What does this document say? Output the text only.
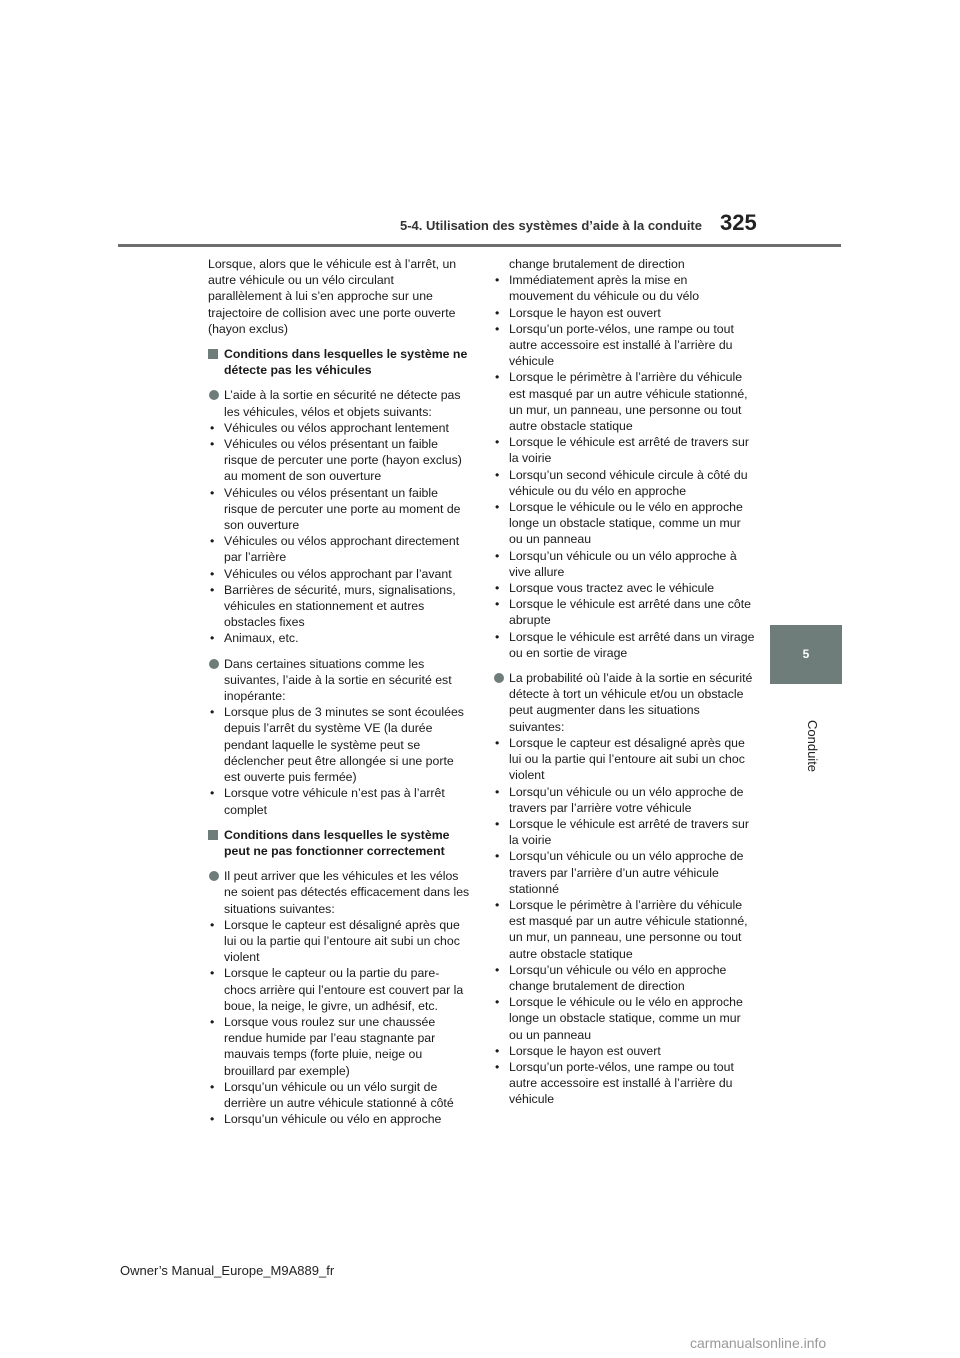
5-4. Utilisation des systèmes d’aide à la conduite 325
5
Conduite

Lorsque, alors que le véhicule est à l’arrêt, un autre véhicule ou un vélo circulant parallèlement à lui s’en approche sur une trajectoire de collision avec une porte ouverte (hayon exclus)

Conditions dans lesquelles le système ne détecte pas les véhicules
L’aide à la sortie en sécurité ne détecte pas les véhicules, vélos et objets suivants:
• Véhicules ou vélos approchant lentement
• Véhicules ou vélos présentant un faible risque de percuter une porte (hayon exclus) au moment de son ouverture
• Véhicules ou vélos présentant un faible risque de percuter une porte au moment de son ouverture
• Véhicules ou vélos approchant directement par l’arrière
• Véhicules ou vélos approchant par l’avant
• Barrières de sécurité, murs, signalisations, véhicules en stationnement et autres obstacles fixes
• Animaux, etc.
Dans certaines situations comme les suivantes, l’aide à la sortie en sécurité est inopérante:
• Lorsque plus de 3 minutes se sont écoulées depuis l’arrêt du système VE (la durée pendant laquelle le système peut se déclencher peut être allongée si une porte est ouverte puis fermée)
• Lorsque votre véhicule n’est pas à l’arrêt complet
Conditions dans lesquelles le système peut ne pas fonctionner correctement
Il peut arriver que les véhicules et les vélos ne soient pas détectés efficacement dans les situations suivantes:
• Lorsque le capteur est désaligné après que lui ou la partie qui l’entoure ait subi un choc violent
• Lorsque le capteur ou la partie du pare-chocs arrière qui l’entoure est couvert par la boue, la neige, le givre, un adhésif, etc.
• Lorsque vous roulez sur une chaussée rendue humide par l’eau stagnante par mauvais temps (forte pluie, neige ou brouillard par exemple)
• Lorsqu’un véhicule ou un vélo surgit de derrière un autre véhicule stationné à côté
• Lorsqu’un véhicule ou vélo en approche
change brutalement de direction
• Immédiatement après la mise en mouvement du véhicule ou du vélo
• Lorsque le hayon est ouvert
• Lorsqu’un porte-vélos, une rampe ou tout autre accessoire est installé à l’arrière du véhicule
• Lorsque le périmètre à l’arrière du véhicule est masqué par un autre véhicule stationné, un mur, un panneau, une personne ou tout autre obstacle statique
• Lorsque le véhicule est arrêté de travers sur la voirie
• Lorsqu’un second véhicule circule à côté du véhicule ou du vélo en approche
• Lorsque le véhicule ou le vélo en approche longe un obstacle statique, comme un mur ou un panneau
• Lorsqu’un véhicule ou un vélo approche à vive allure
• Lorsque vous tractez avec le véhicule
• Lorsque le véhicule est arrêté dans une côte abrupte
• Lorsque le véhicule est arrêté dans un virage ou en sortie de virage
La probabilité où l’aide à la sortie en sécurité détecte à tort un véhicule et/ou un obstacle peut augmenter dans les situations suivantes:
• Lorsque le capteur est désaligné après que lui ou la partie qui l’entoure ait subi un choc violent
• Lorsqu’un véhicule ou un vélo approche de travers par l’arrière votre véhicule
• Lorsque le véhicule est arrêté de travers sur la voirie
• Lorsqu’un véhicule ou un vélo approche de travers par l’arrière d’un autre véhicule stationné
• Lorsque le périmètre à l’arrière du véhicule est masqué par un autre véhicule stationné, un mur, un panneau, une personne ou tout autre obstacle statique
• Lorsqu’un véhicule ou vélo en approche change brutalement de direction
• Lorsque le véhicule ou le vélo en approche longe un obstacle statique, comme un mur ou un panneau
• Lorsque le hayon est ouvert
• Lorsqu’un porte-vélos, une rampe ou tout autre accessoire est installé à l’arrière du véhicule
Owner’s Manual_Europe_M9A889_fr
carmanualsonline.info
